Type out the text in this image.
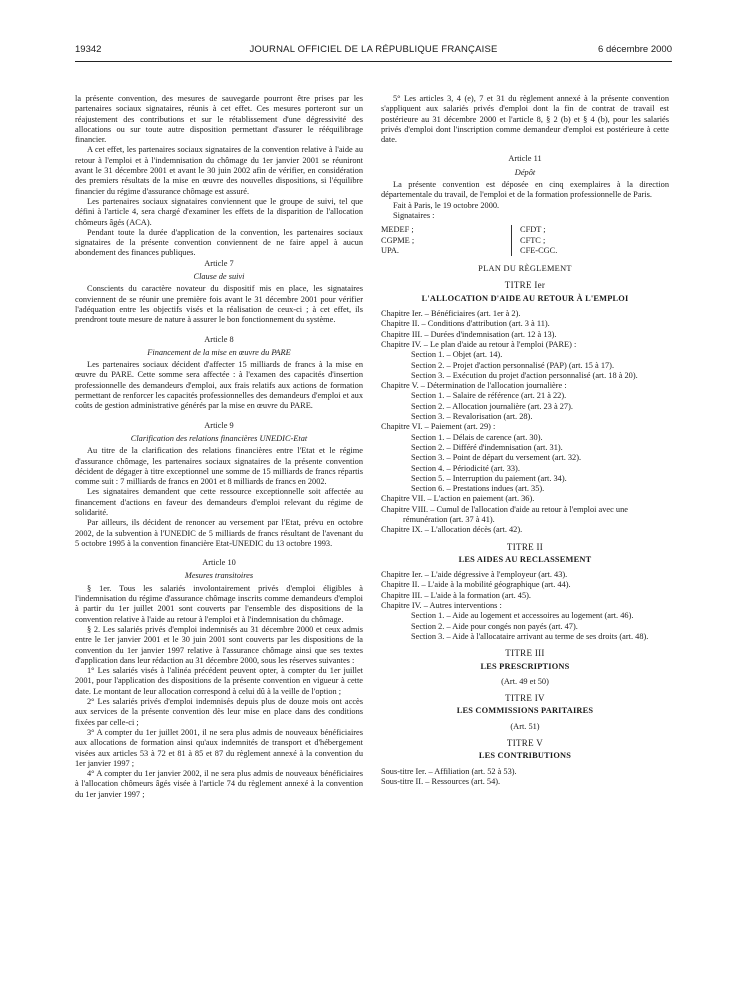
19342	JOURNAL OFFICIEL DE LA RÉPUBLIQUE FRANÇAISE	6 décembre 2000

la présente convention, des mesures de sauvegarde pourront être prises par les partenaires sociaux signataires, réunis à cet effet. Ces mesures porteront sur un réajustement des contributions et sur le rétablissement d'une dégressivité des allocations ou sur toute autre disposition permettant d'assurer le rééquilibrage financier.

A cet effet, les partenaires sociaux signataires de la convention relative à l'aide au retour à l'emploi et à l'indemnisation du chômage du 1er janvier 2001 se réuniront avant le 31 décembre 2001 et avant le 30 juin 2002 afin de vérifier, en considération des premiers résultats de la mise en œuvre des nouvelles dispositions, si l'équilibre financier du régime d'assurance chômage est assuré.

Les partenaires sociaux signataires conviennent que le groupe de suivi, tel que défini à l'article 4, sera chargé d'examiner les effets de la disparition de l'allocation chômeurs âgés (ACA).

Pendant toute la durée d'application de la convention, les partenaires sociaux signataires de la présente convention conviennent de ne faire appel à aucun abondement des finances publiques.

Article 7
Clause de suivi

Conscients du caractère novateur du dispositif mis en place, les signataires conviennent de se réunir une première fois avant le 31 décembre 2001 pour vérifier l'adéquation entre les objectifs visés et la réalisation de ceux-ci ; à cet effet, ils prendront toute mesure de nature à assurer le bon fonctionnement du système.

Article 8
Financement de la mise en œuvre du PARE

Les partenaires sociaux décident d'affecter 15 milliards de francs à la mise en œuvre du PARE. Cette somme sera affectée : à l'examen des capacités d'insertion professionnelle des demandeurs d'emploi, aux frais relatifs aux actions de formation permettant de renforcer les capacités professionnelles des demandeurs d'emploi et aux coûts de gestion administrative générés par la mise en œuvre du PARE.

Article 9
Clarification des relations financières UNEDIC-Etat

Au titre de la clarification des relations financières entre l'Etat et le régime d'assurance chômage, les partenaires sociaux signataires de la présente convention décident de dégager à titre exceptionnel une somme de 15 milliards de francs répartis comme suit : 7 milliards de francs en 2001 et 8 milliards de francs en 2002.

Les signataires demandent que cette ressource exceptionnelle soit affectée au financement d'actions en faveur des demandeurs d'emploi relevant du régime de solidarité.

Par ailleurs, ils décident de renoncer au versement par l'Etat, prévu en octobre 2002, de la subvention à l'UNEDIC de 5 milliards de francs résultant de l'avenant du 5 octobre 1995 à la convention financière Etat-UNEDIC du 13 octobre 1993.

Article 10
Mesures transitoires

§ 1er. Tous les salariés involontairement privés d'emploi éligibles à l'indemnisation du régime d'assurance chômage inscrits comme demandeurs d'emploi à partir du 1er juillet 2001 sont couverts par l'ensemble des dispositions de la convention relative à l'aide au retour à l'emploi et à l'indemnisation du chômage.

§ 2. Les salariés privés d'emploi indemnisés au 31 décembre 2000 et ceux admis entre le 1er janvier 2001 et le 30 juin 2001 sont couverts par les dispositions de la convention du 1er janvier 1997 relative à l'assurance chômage ainsi que ses textes d'application dans leur rédaction au 31 décembre 2000, sous les réserves suivantes :

1° Les salariés visés à l'alinéa précédent peuvent opter, à compter du 1er juillet 2001, pour l'application des dispositions de la présente convention en vigueur à cette date. Le montant de leur allocation correspond à celui dû à la veille de l'option ;

2° Les salariés privés d'emploi indemnisés depuis plus de douze mois ont accès aux services de la présente convention dès leur mise en place dans des conditions fixées par celle-ci ;

3° A compter du 1er juillet 2001, il ne sera plus admis de nouveaux bénéficiaires aux allocations de formation ainsi qu'aux indemnités de transport et d'hébergement visées aux articles 53 à 72 et 81 à 85 et 87 du règlement annexé à la convention du 1er janvier 1997 ;

4° A compter du 1er janvier 2002, il ne sera plus admis de nouveaux bénéficiaires à l'allocation chômeurs âgés visée à l'article 74 du règlement annexé à la convention du 1er janvier 1997 ;

5° Les articles 3, 4 (e), 7 et 31 du règlement annexé à la présente convention s'appliquent aux salariés privés d'emploi dont la fin de contrat de travail est postérieure au 31 décembre 2000 et l'article 8, § 2 (b) et § 4 (b), pour les salariés privés d'emploi dont l'inscription comme demandeur d'emploi est postérieure à cette date.

Article 11
Dépôt

La présente convention est déposée en cinq exemplaires à la direction départementale du travail, de l'emploi et de la formation professionnelle de Paris.

Fait à Paris, le 19 octobre 2000.

Signataires :

MEDEF ;
CGPME ;
UPA.
CFDT ;
CFTC ;
CFE-CGC.
PLAN DU RÈGLEMENT
TITRE Ier
L'ALLOCATION D'AIDE AU RETOUR À L'EMPLOI
Chapitre Ier. – Bénéficiaires (art. 1er à 2).
Chapitre II. – Conditions d'attribution (art. 3 à 11).
Chapitre III. – Durées d'indemnisation (art. 12 à 13).
Chapitre IV. – Le plan d'aide au retour à l'emploi (PARE) :
Section 1. – Objet (art. 14).
Section 2. – Projet d'action personnalisé (PAP) (art. 15 à 17).
Section 3. – Exécution du projet d'action personnalisé (art. 18 à 20).
Chapitre V. – Détermination de l'allocation journalière :
Section 1. – Salaire de référence (art. 21 à 22).
Section 2. – Allocation journalière (art. 23 à 27).
Section 3. – Revalorisation (art. 28).
Chapitre VI. – Paiement (art. 29) :
Section 1. – Délais de carence (art. 30).
Section 2. – Différé d'indemnisation (art. 31).
Section 3. – Point de départ du versement (art. 32).
Section 4. – Périodicité (art. 33).
Section 5. – Interruption du paiement (art. 34).
Section 6. – Prestations indues (art. 35).
Chapitre VII. – L'action en paiement (art. 36).
Chapitre VIII. – Cumul de l'allocation d'aide au retour à l'emploi avec une rémunération (art. 37 à 41).
Chapitre IX. – L'allocation décès (art. 42).
TITRE II
LES AIDES AU RECLASSEMENT
Chapitre Ier. – L'aide dégressive à l'employeur (art. 43).
Chapitre II. – L'aide à la mobilité géographique (art. 44).
Chapitre III. – L'aide à la formation (art. 45).
Chapitre IV. – Autres interventions :
Section 1. – Aide au logement et accessoires au logement (art. 46).
Section 2. – Aide pour congés non payés (art. 47).
Section 3. – Aide à l'allocataire arrivant au terme de ses droits (art. 48).
TITRE III
LES PRESCRIPTIONS
(Art. 49 et 50)
TITRE IV
LES COMMISSIONS PARITAIRES
(Art. 51)
TITRE V
LES CONTRIBUTIONS
Sous-titre Ier. – Affiliation (art. 52 à 53).
Sous-titre II. – Ressources (art. 54).
